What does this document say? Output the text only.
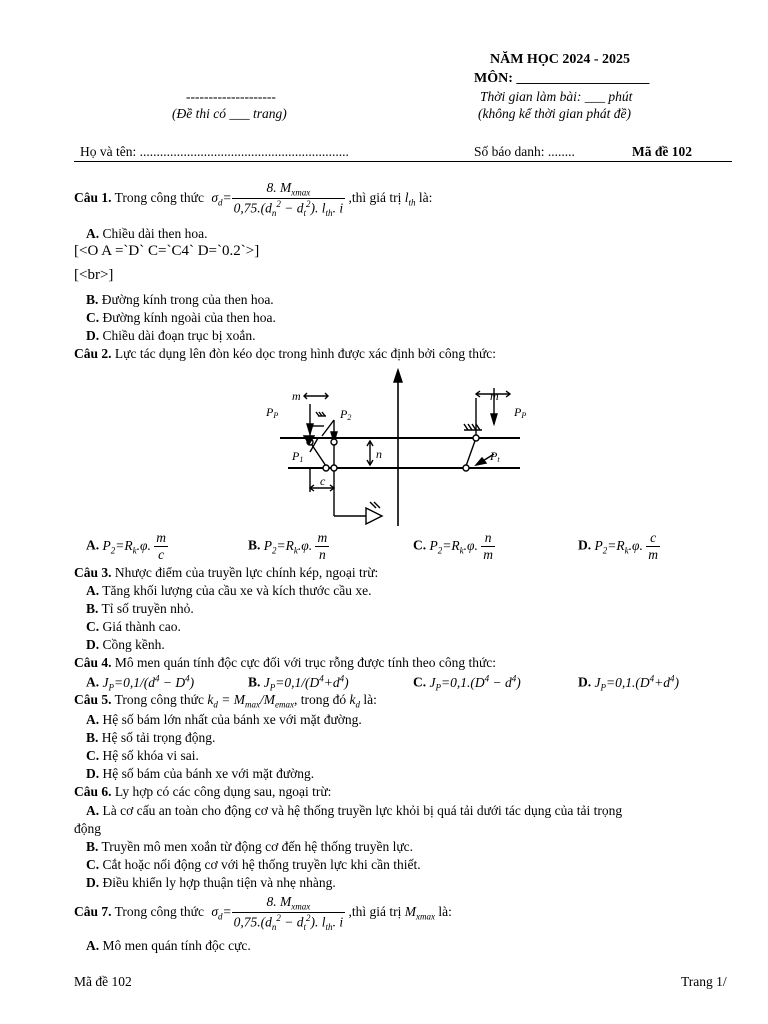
NĂM HỌC 2024 - 2025
MÔN: ___________________
--------------------
(Đề thi có ___ trang)
Thời gian làm bài: ___ phút
(không kể thời gian phát đề)
Họ và tên: ..............................................................	Số báo danh: ........	Mã đề 102
Câu 1. Trong công thức $\sigma_d= \frac{8. M_{xmax}}{0,75.(d_n^2 - d_t^2). l_{th}. i}$ ,thì giá trị $l_{th}$ là:
A. Chiều dài then hoa.
[<O A =`D` C=`C4` D=`0.2`>]
[<br>]
B. Đường kính trong của then hoa.
C. Đường kính ngoài của then hoa.
D. Chiều dài đoạn trục bị xoắn.
Câu 2. Lực tác dụng lên đòn kéo dọc trong hình được xác định bởi công thức:
PP	P2
m
P1	n
c
m
PP
Pt
A. $P_2=R_k.\varphi$. $\frac{m}{c}$	B. $P_2=R_k.\varphi$. $\frac{m}{n}$	C. $P_2=R_k.\varphi$. $\frac{n}{m}$	D. $P_2=R_k.\varphi$. $\frac{c}{m}$
Câu 3. Nhược điểm của truyền lực chính kép, ngoại trừ:
A. Tăng khối lượng của cầu xe và kích thước cầu xe.
B. Tỉ số truyền nhỏ.
C. Giá thành cao.
D. Cồng kềnh.
Câu 4. Mô men quán tính độc cực đối với trục rỗng được tính theo công thức:
A. $J_P=0,1/(d^4 - D^4)$	B. $J_P=0,1/(D^4+d^4)$	C. $J_P=0,1.(D^4 - d^4)$	D. $J_P=0,1.(D^4+d^4)$
Câu 5. Trong công thức $k_d = M_{max}/M_{emax}$, trong đó $k_d$ là:
A. Hệ số bám lớn nhất của bánh xe với mặt đường.
B. Hệ số tải trọng động.
C. Hệ số khóa vi sai.
D. Hệ số bám của bánh xe với mặt đường.
Câu 6. Ly hợp có các công dụng sau, ngoại trừ:
A. Là cơ cấu an toàn cho động cơ và hệ thống truyền lực khỏi bị quá tải dưới tác dụng của tải trọng
động
B. Truyền mô men xoắn từ động cơ đến hệ thống truyền lực.
C. Cắt hoặc nối động cơ với hệ thống truyền lực khi cần thiết.
D. Điều khiển ly hợp thuận tiện và nhẹ nhàng.
Câu 7. Trong công thức $\sigma_d= \frac{8. M_{xmax}}{0,75.(d_n^2 - d_t^2). l_{th}. i}$ ,thì giá trị $M_{xmax}$ là:
A. Mô men quán tính độc cực.
Mã đề 102	Trang 1/
